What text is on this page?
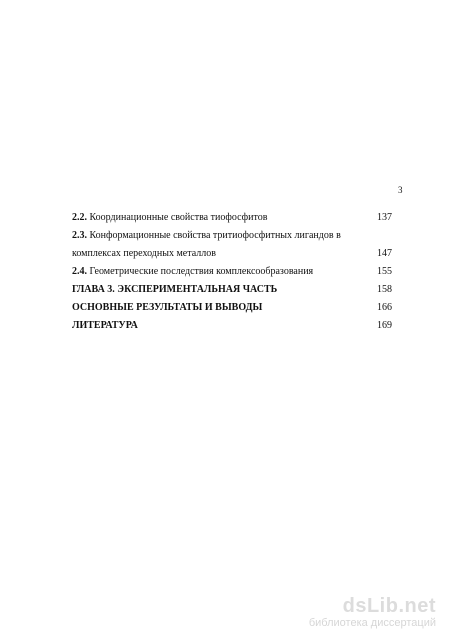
3
2.2. Координационные свойства тиофосфитов	137
2.3. Конформационные свойства тритиофосфитных лигандов в комплексах переходных металлов	147
2.4. Геометрические последствия комплексообразования	155
ГЛАВА 3. ЭКСПЕРИМЕНТАЛЬНАЯ ЧАСТЬ	158
ОСНОВНЫЕ РЕЗУЛЬТАТЫ И ВЫВОДЫ	166
ЛИТЕРАТУРА	169
dsLib.net
библиотека диссертаций
